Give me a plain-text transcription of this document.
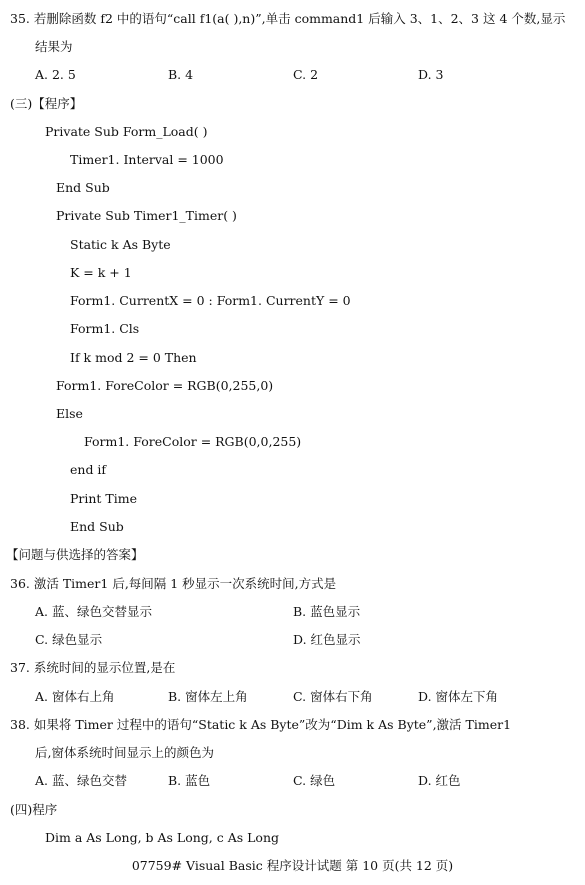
35. 若删除函数 f2 中的语句“call f1(a( ),n)”,单击 command1 后输入 3、1、2、3 这 4 个数,显示
结果为
A. 2. 5	B. 4	C. 2	D. 3
(三)【程序】
Private Sub Form_Load( )
Timer1. Interval = 1000
End Sub
Private Sub Timer1_Timer( )
Static k As Byte
K = k + 1
Form1. CurrentX = 0 : Form1. CurrentY = 0
Form1. Cls
If k mod 2 = 0 Then
Form1. ForeColor = RGB(0,255,0)
Else
Form1. ForeColor = RGB(0,0,255)
end if
Print Time
End Sub
【问题与供选择的答案】
36. 激活 Timer1 后,每间隔 1 秒显示一次系统时间,方式是
A. 蓝、绿色交替显示	B. 蓝色显示
C. 绿色显示	D. 红色显示
37. 系统时间的显示位置,是在
A. 窗体右上角	B. 窗体左上角	C. 窗体右下角	D. 窗体左下角
38. 如果将 Timer 过程中的语句“Static k As Byte”改为“Dim k As Byte”,激活 Timer1
后,窗体系统时间显示上的颜色为
A. 蓝、绿色交替	B. 蓝色	C. 绿色	D. 红色
(四)程序
Dim a As Long, b As Long, c As Long
07759# Visual Basic 程序设计试题 第 10 页(共 12 页)
